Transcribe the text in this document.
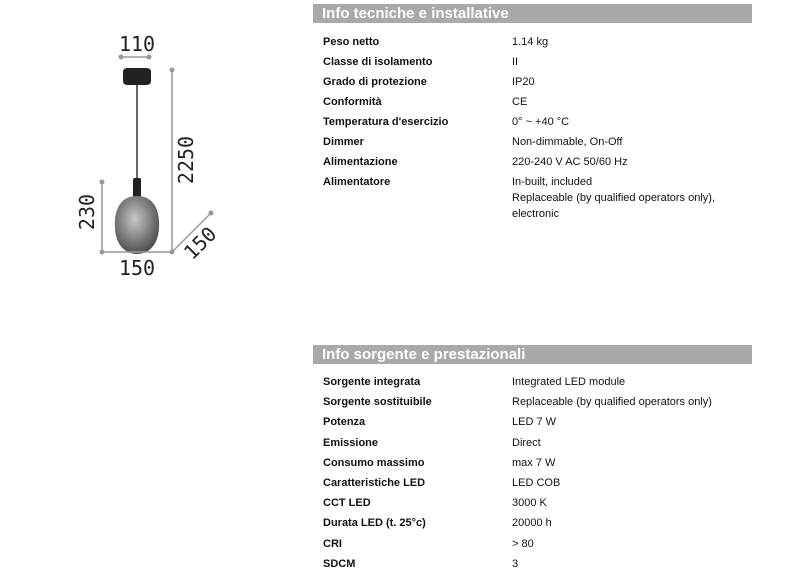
110
2250
230
150
150
Info tecniche e installative
Peso netto	1.14 kg
Classe di isolamento	II
Grado di protezione	IP20
Conformità	CE
Temperatura d'esercizio	0° ~ +40 °C
Dimmer	Non-dimmable, On-Off
Alimentazione	220-240 V AC 50/60 Hz
Alimentatore	In-built, included
Replaceable (by qualified operators only),
electronic
Info sorgente e prestazionali
Sorgente integrata	Integrated LED module
Sorgente sostituibile	Replaceable (by qualified operators only)
Potenza	LED 7 W
Emissione	Direct
Consumo massimo	max 7 W
Caratteristiche LED	LED COB
CCT LED	3000 K
Durata LED (t. 25°c)	20000 h
CRI	> 80
SDCM	3
